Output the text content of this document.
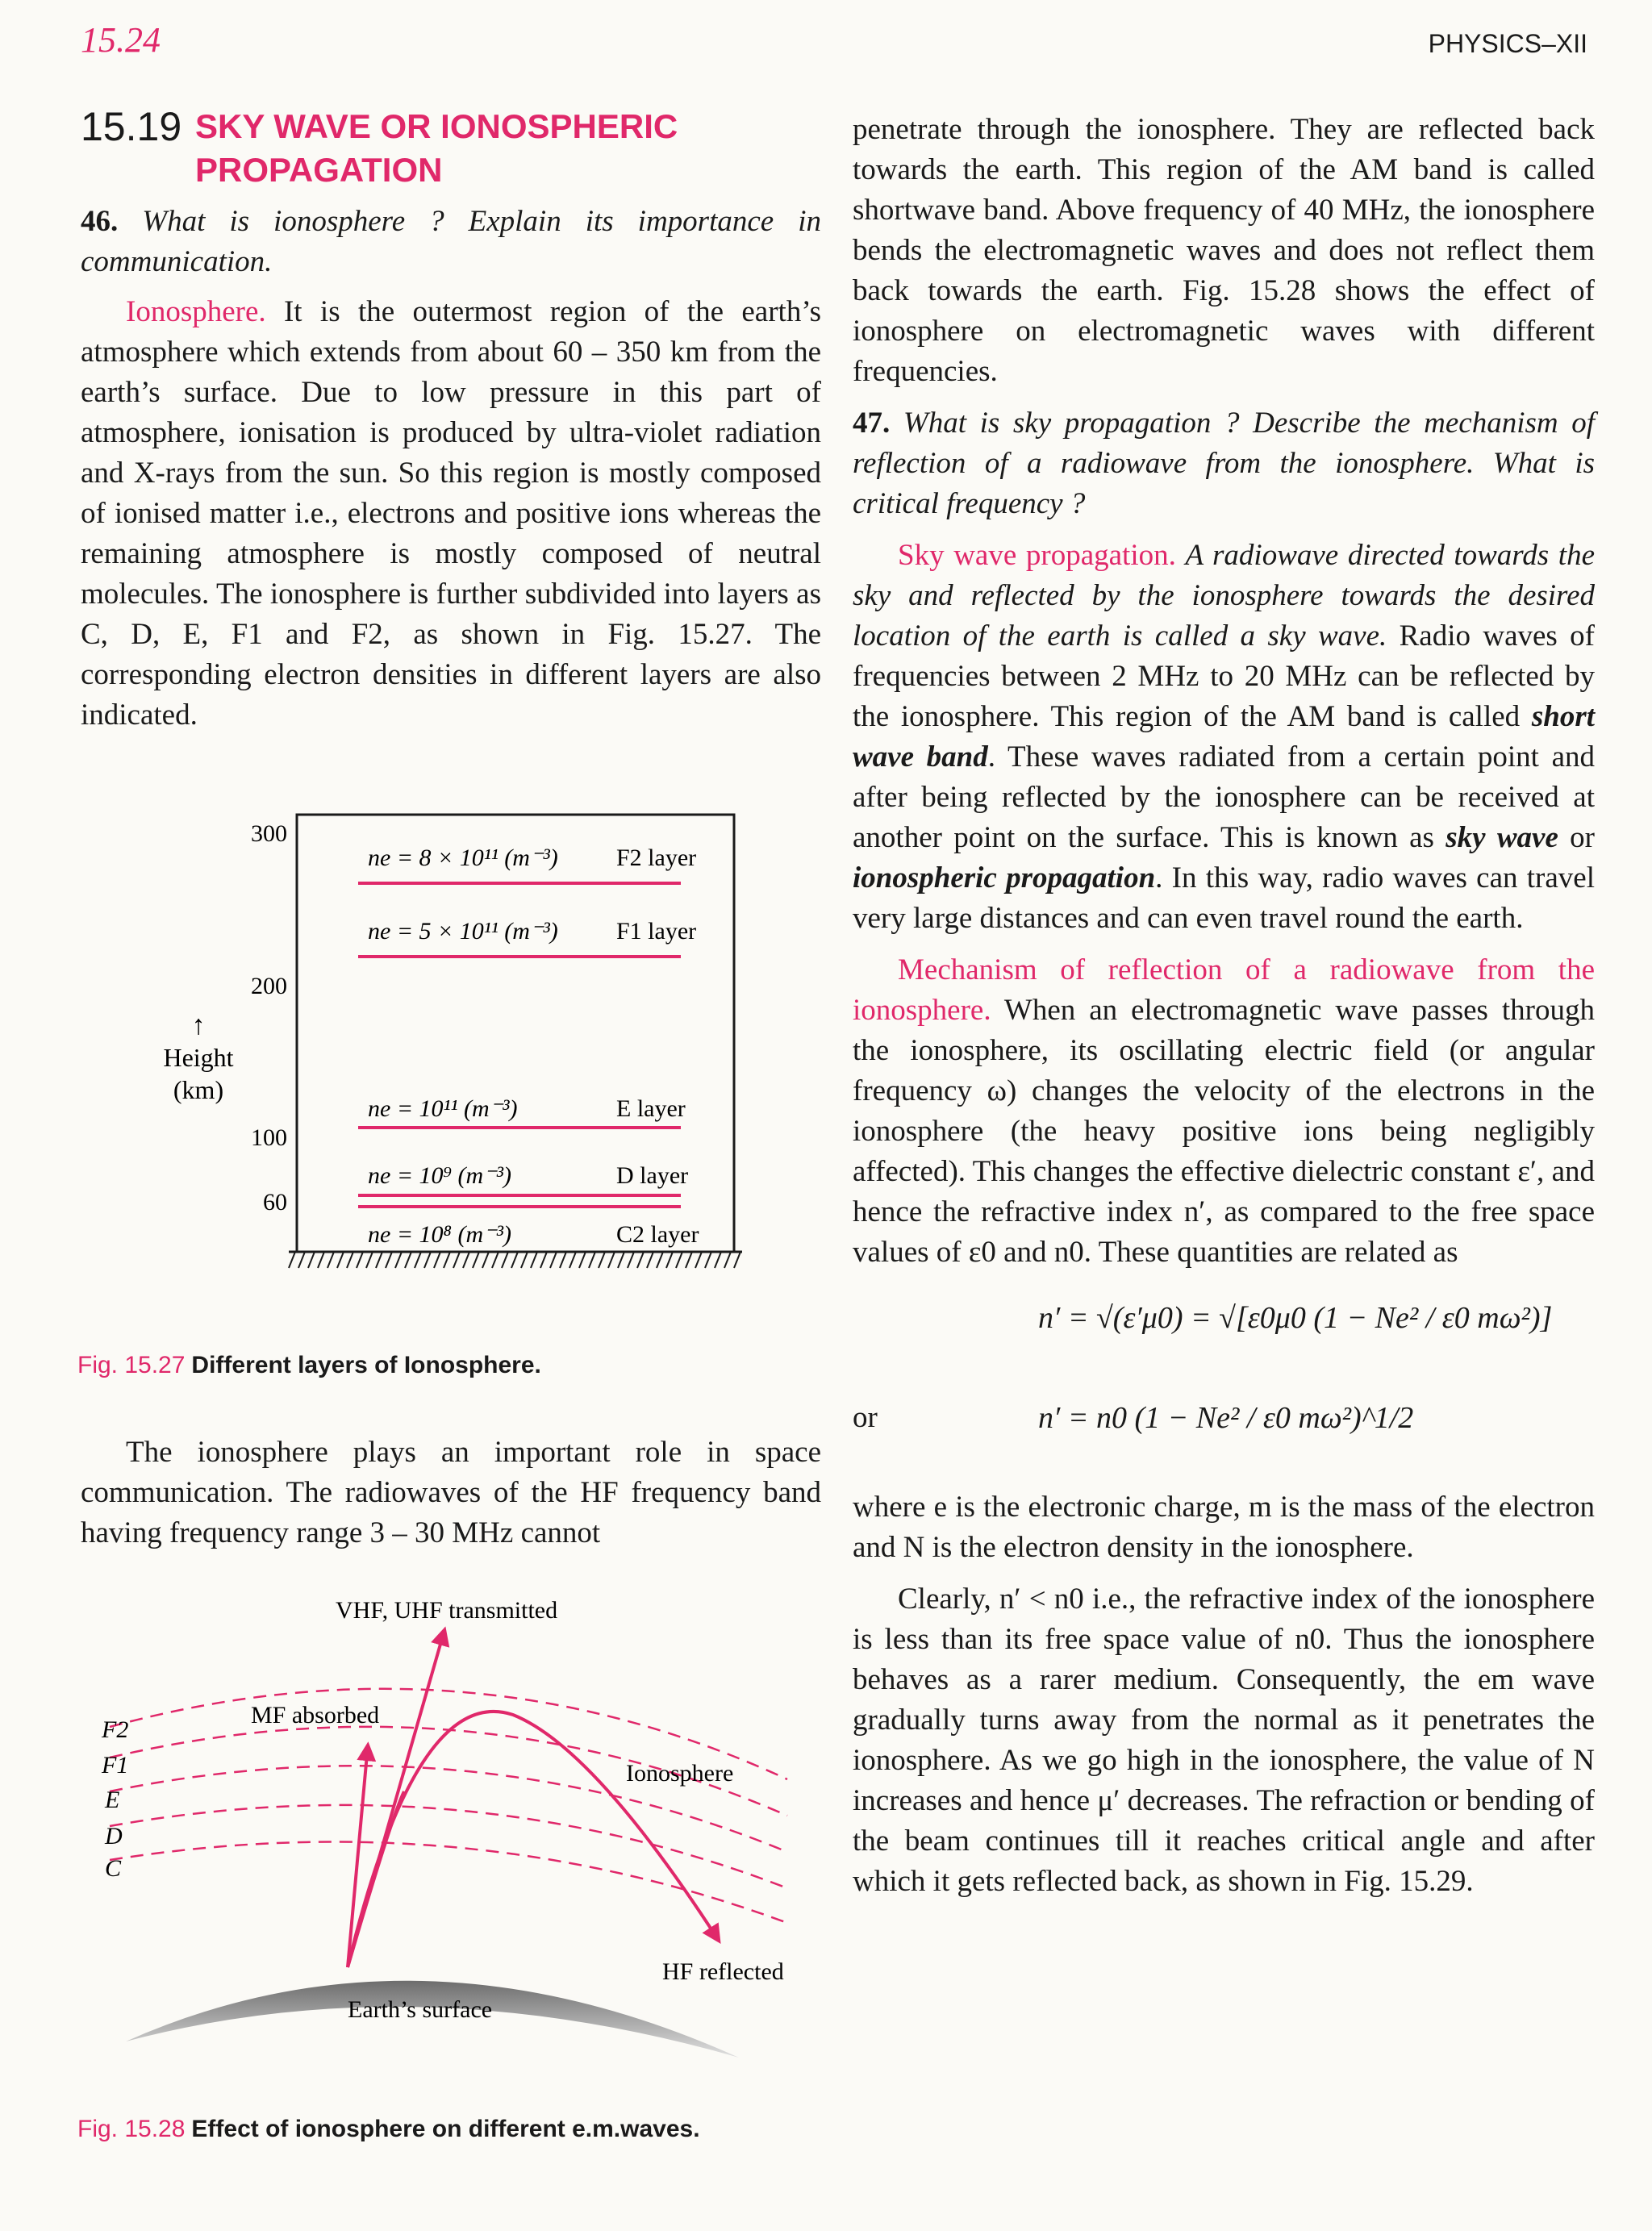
15.24	PHYSICS–XII
15.19 SKY WAVE OR IONOSPHERIC
PROPAGATION

46. What is ionosphere ? Explain its importance in communication.

Ionosphere. It is the outermost region of the earth’s atmosphere which extends from about 60 – 350 km from the earth’s surface. Due to low pressure in this part of atmosphere, ionisation is produced by ultra-violet radiation and X-rays from the sun. So this region is mostly composed of ionised matter i.e., electrons and positive ions whereas the remaining atmosphere is mostly composed of neutral molecules. The ionosphere is further subdivided into layers as C, D, E, F1 and F2, as shown in Fig. 15.27. The corresponding electron densities in different layers are also indicated.

300
200
100
60
↑
Height
(km)
ne = 8 × 10¹¹ (m⁻³) F2 layer
ne = 5 × 10¹¹ (m⁻³) F1 layer
ne = 10¹¹ (m⁻³)	E layer
ne = 10⁹ (m⁻³)	D layer
ne = 10⁸ (m⁻³)	C2 layer
Fig. 15.27 Different layers of Ionosphere.

The ionosphere plays an important role in space communication. The radiowaves of the HF frequency band having frequency range 3 – 30 MHz cannot

VHF, UHF transmitted
MF absorbed
Ionosphere
HF reflected
Earth’s surface
F2
F1
E
D
C
Fig. 15.28 Effect of ionosphere on different e.m.waves.

penetrate through the ionosphere. They are reflected back towards the earth. This region of the AM band is called shortwave band. Above frequency of 40 MHz, the ionosphere bends the electromagnetic waves and does not reflect them back towards the earth. Fig. 15.28 shows the effect of ionosphere on electromagnetic waves with different frequencies.

47. What is sky propagation ? Describe the mechanism of reflection of a radiowave from the ionosphere. What is critical frequency ?

Sky wave propagation. A radiowave directed towards the sky and reflected by the ionosphere towards the desired location of the earth is called a sky wave. Radio waves of frequencies between 2 MHz to 20 MHz can be reflected by the ionosphere. This region of the AM band is called short wave band. These waves radiated from a certain point and after being reflected by the ionosphere can be received at another point on the surface. This is known as sky wave or ionospheric propagation. In this way, radio waves can travel very large distances and can even travel round the earth.

Mechanism of reflection of a radiowave from the ionosphere. When an electromagnetic wave passes through the ionosphere, its oscillating electric field (or angular frequency ω) changes the velocity of the electrons in the ionosphere (the heavy positive ions being negligibly affected). This changes the effective dielectric constant ε′, and hence the refractive index n′, as compared to the free space values of ε0 and n0. These quantities are related as

n′ = √(ε′μ0) = √[ε0μ0 (1 − Ne² / ε0 mω²)]
or	n′ = n0 (1 − Ne² / ε0 mω²)^1/2

where e is the electronic charge, m is the mass of the electron and N is the electron density in the ionosphere.

Clearly, n′ < n0 i.e., the refractive index of the ionosphere is less than its free space value of n0. Thus the ionosphere behaves as a rarer medium. Consequently, the em wave gradually turns away from the normal as it penetrates the ionosphere. As we go high in the ionosphere, the value of N increases and hence μ′ decreases. The refraction or bending of the beam continues till it reaches critical angle and after which it gets reflected back, as shown in Fig. 15.29.
